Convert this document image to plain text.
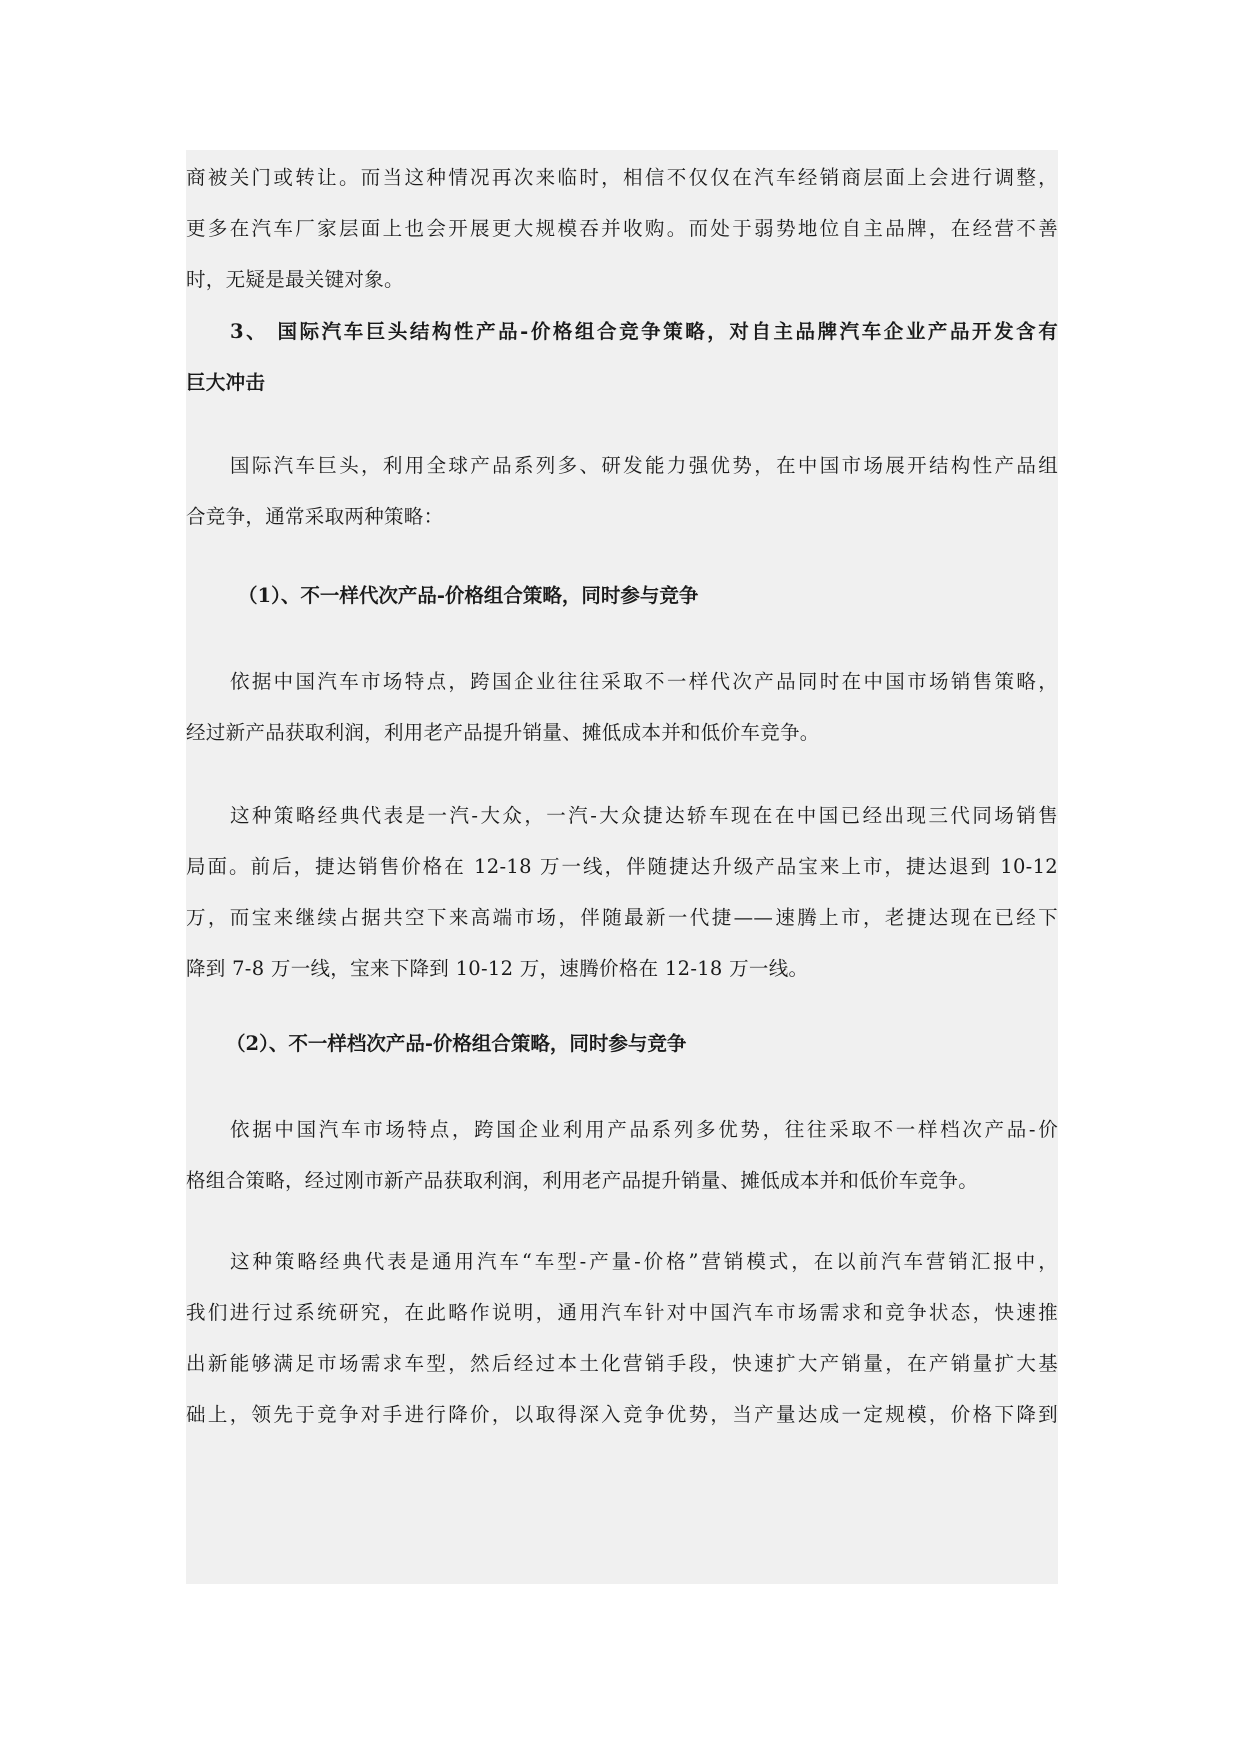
商被关门或转让。而当这种情况再次来临时，相信不仅仅在汽车经销商层面上会进行调整，
更多在汽车厂家层面上也会开展更大规模吞并收购。而处于弱势地位自主品牌，在经营不善
时，无疑是最关键对象。
3、 国际汽车巨头结构性产品-价格组合竞争策略，对自主品牌汽车企业产品开发含有
巨大冲击
国际汽车巨头，利用全球产品系列多、研发能力强优势，在中国市场展开结构性产品组
合竞争，通常采取两种策略：
（1）、不一样代次产品-价格组合策略，同时参与竞争
依据中国汽车市场特点，跨国企业往往采取不一样代次产品同时在中国市场销售策略，
经过新产品获取利润，利用老产品提升销量、摊低成本并和低价车竞争。
这种策略经典代表是一汽-大众，一汽-大众捷达轿车现在在中国已经出现三代同场销售
局面。前后，捷达销售价格在 12-18 万一线，伴随捷达升级产品宝来上市，捷达退到 10-12
万，而宝来继续占据共空下来高端市场，伴随最新一代捷——速腾上市，老捷达现在已经下
降到 7-8 万一线，宝来下降到 10-12 万，速腾价格在 12-18 万一线。
（2）、不一样档次产品-价格组合策略，同时参与竞争
依据中国汽车市场特点，跨国企业利用产品系列多优势，往往采取不一样档次产品-价
格组合策略，经过刚市新产品获取利润，利用老产品提升销量、摊低成本并和低价车竞争。
这种策略经典代表是通用汽车“车型-产量-价格”营销模式，在以前汽车营销汇报中，
我们进行过系统研究，在此略作说明，通用汽车针对中国汽车市场需求和竞争状态，快速推
出新能够满足市场需求车型，然后经过本土化营销手段，快速扩大产销量，在产销量扩大基
础上，领先于竞争对手进行降价，以取得深入竞争优势，当产量达成一定规模，价格下降到
